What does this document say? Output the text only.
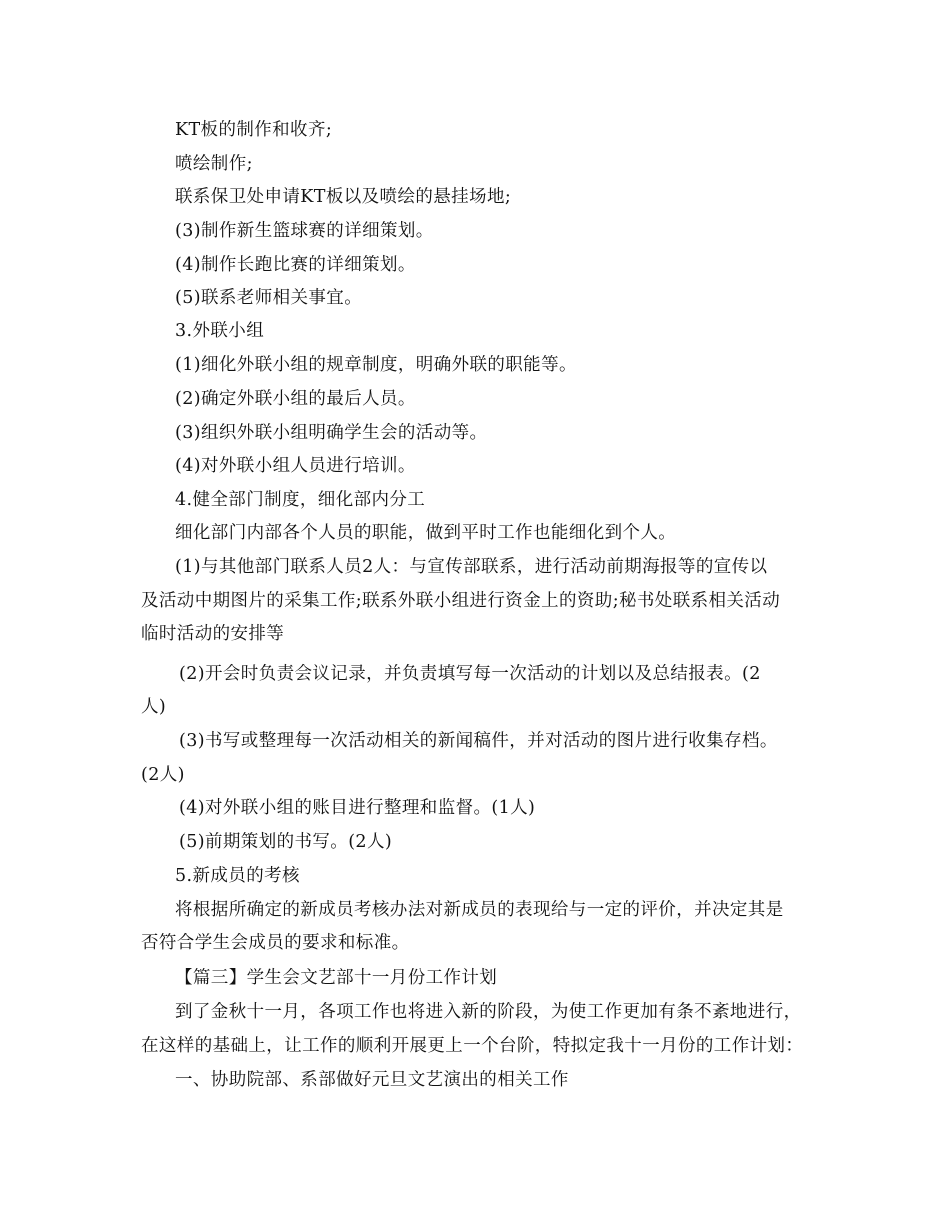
KT板的制作和收齐;
喷绘制作;
联系保卫处申请KT板以及喷绘的悬挂场地;
(3)制作新生篮球赛的详细策划。
(4)制作长跑比赛的详细策划。
(5)联系老师相关事宜。
3.外联小组
(1)细化外联小组的规章制度，明确外联的职能等。
(2)确定外联小组的最后人员。
(3)组织外联小组明确学生会的活动等。
(4)对外联小组人员进行培训。
4.健全部门制度，细化部内分工
细化部门内部各个人员的职能，做到平时工作也能细化到个人。
(1)与其他部门联系人员2人：与宣传部联系，进行活动前期海报等的宣传以
及活动中期图片的采集工作;联系外联小组进行资金上的资助;秘书处联系相关活动
临时活动的安排等
(2)开会时负责会议记录，并负责填写每一次活动的计划以及总结报表。(2
人)
(3)书写或整理每一次活动相关的新闻稿件，并对活动的图片进行收集存档。
(2人)
(4)对外联小组的账目进行整理和监督。(1人)
(5)前期策划的书写。(2人)
5.新成员的考核
将根据所确定的新成员考核办法对新成员的表现给与一定的评价，并决定其是
否符合学生会成员的要求和标准。
【篇三】学生会文艺部十一月份工作计划
到了金秋十一月，各项工作也将进入新的阶段，为使工作更加有条不紊地进行，
在这样的基础上，让工作的顺利开展更上一个台阶，特拟定我十一月份的工作计划：
一、协助院部、系部做好元旦文艺演出的相关工作
